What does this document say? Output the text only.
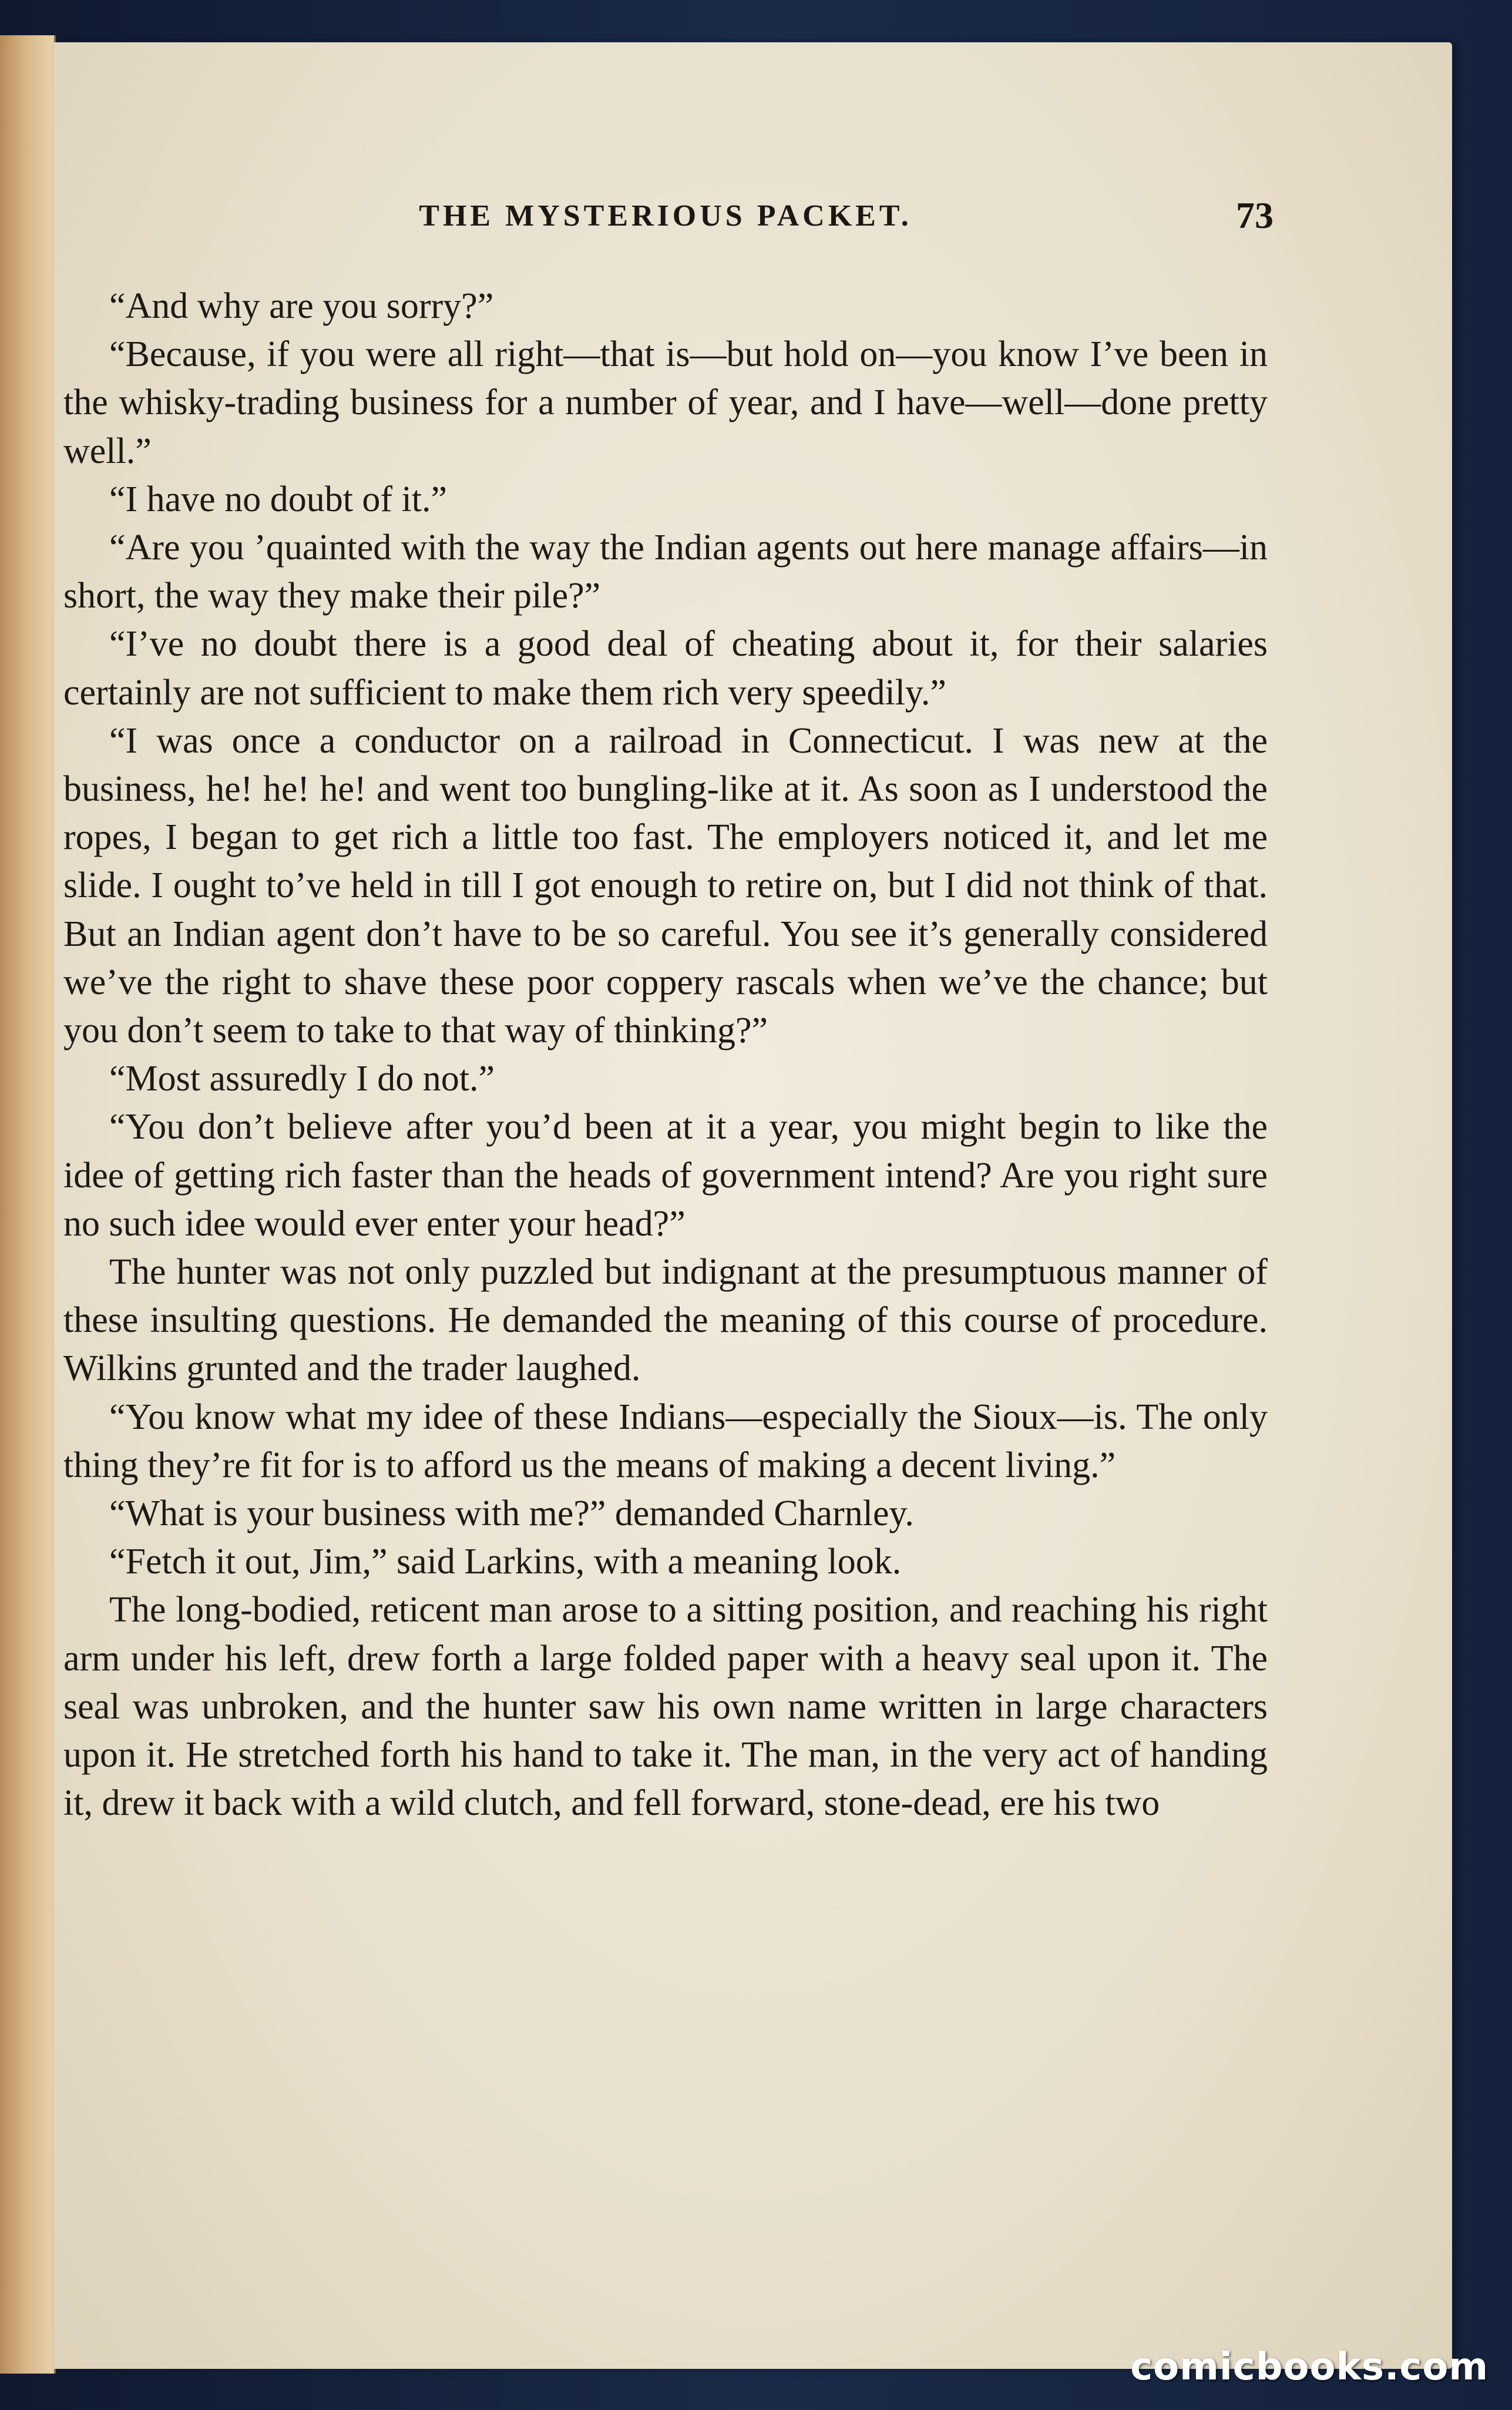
THE MYSTERIOUS PACKET.	73

“And why are you sorry?”

“Because, if you were all right—that is—but hold on—you know I’ve been in the whisky-trading business for a number of year, and I have—well—done pretty well.”

“I have no doubt of it.”

“Are you ’quainted with the way the Indian agents out here manage affairs—in short, the way they make their pile?”

“I’ve no doubt there is a good deal of cheating about it, for their salaries certainly are not sufficient to make them rich very speedily.”

“I was once a conductor on a railroad in Connecticut. I was new at the business, he! he! he! and went too bungling-like at it. As soon as I understood the ropes, I began to get rich a little too fast. The employers noticed it, and let me slide. I ought to’ve held in till I got enough to retire on, but I did not think of that. But an Indian agent don’t have to be so careful. You see it’s generally considered we’ve the right to shave these poor coppery rascals when we’ve the chance; but you don’t seem to take to that way of thinking?”

“Most assuredly I do not.”

“You don’t believe after you’d been at it a year, you might begin to like the idee of getting rich faster than the heads of government intend? Are you right sure no such idee would ever enter your head?”

The hunter was not only puzzled but indignant at the presumptuous manner of these insulting questions. He demanded the meaning of this course of procedure. Wilkins grunted and the trader laughed.

“You know what my idee of these Indians—especially the Sioux—is. The only thing they’re fit for is to afford us the means of making a decent living.”

“What is your business with me?” demanded Charnley.

“Fetch it out, Jim,” said Larkins, with a meaning look.

The long-bodied, reticent man arose to a sitting position, and reaching his right arm under his left, drew forth a large folded paper with a heavy seal upon it. The seal was unbroken, and the hunter saw his own name written in large characters upon it. He stretched forth his hand to take it. The man, in the very act of handing it, drew it back with a wild clutch, and fell forward, stone-dead, ere his two

comicbooks.com
